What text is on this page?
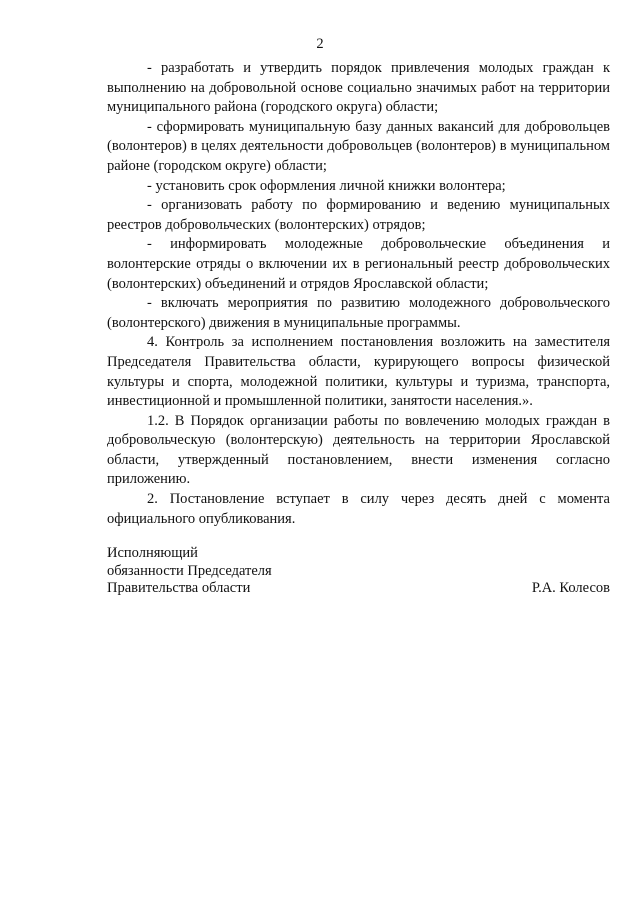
2

- разработать и утвердить порядок привлечения молодых граждан к выполнению на добровольной основе социально значимых работ на территории муниципального района (городского округа) области;

- сформировать муниципальную базу данных вакансий для добровольцев (волонтеров) в целях деятельности добровольцев (волонтеров) в муниципальном районе (городском округе) области;

- установить срок оформления личной книжки волонтера;

- организовать работу по формированию и ведению муниципальных реестров добровольческих (волонтерских) отрядов;

- информировать молодежные добровольческие объединения и волонтерские отряды о включении их в региональный реестр добровольческих (волонтерских) объединений и отрядов Ярославской области;

- включать мероприятия по развитию молодежного добровольческого (волонтерского) движения в муниципальные программы.

4. Контроль за исполнением постановления возложить на заместителя Председателя Правительства области, курирующего вопросы физической культуры и спорта, молодежной политики, культуры и туризма, транспорта, инвестиционной и промышленной политики, занятости населения.».

1.2. В Порядок организации работы по вовлечению молодых граждан в добровольческую (волонтерскую) деятельность на территории Ярославской области, утвержденный постановлением, внести изменения согласно приложению.

2. Постановление вступает в силу через десять дней с момента официального опубликования.

Исполняющий
обязанности Председателя
Правительства области	Р.А. Колесов
